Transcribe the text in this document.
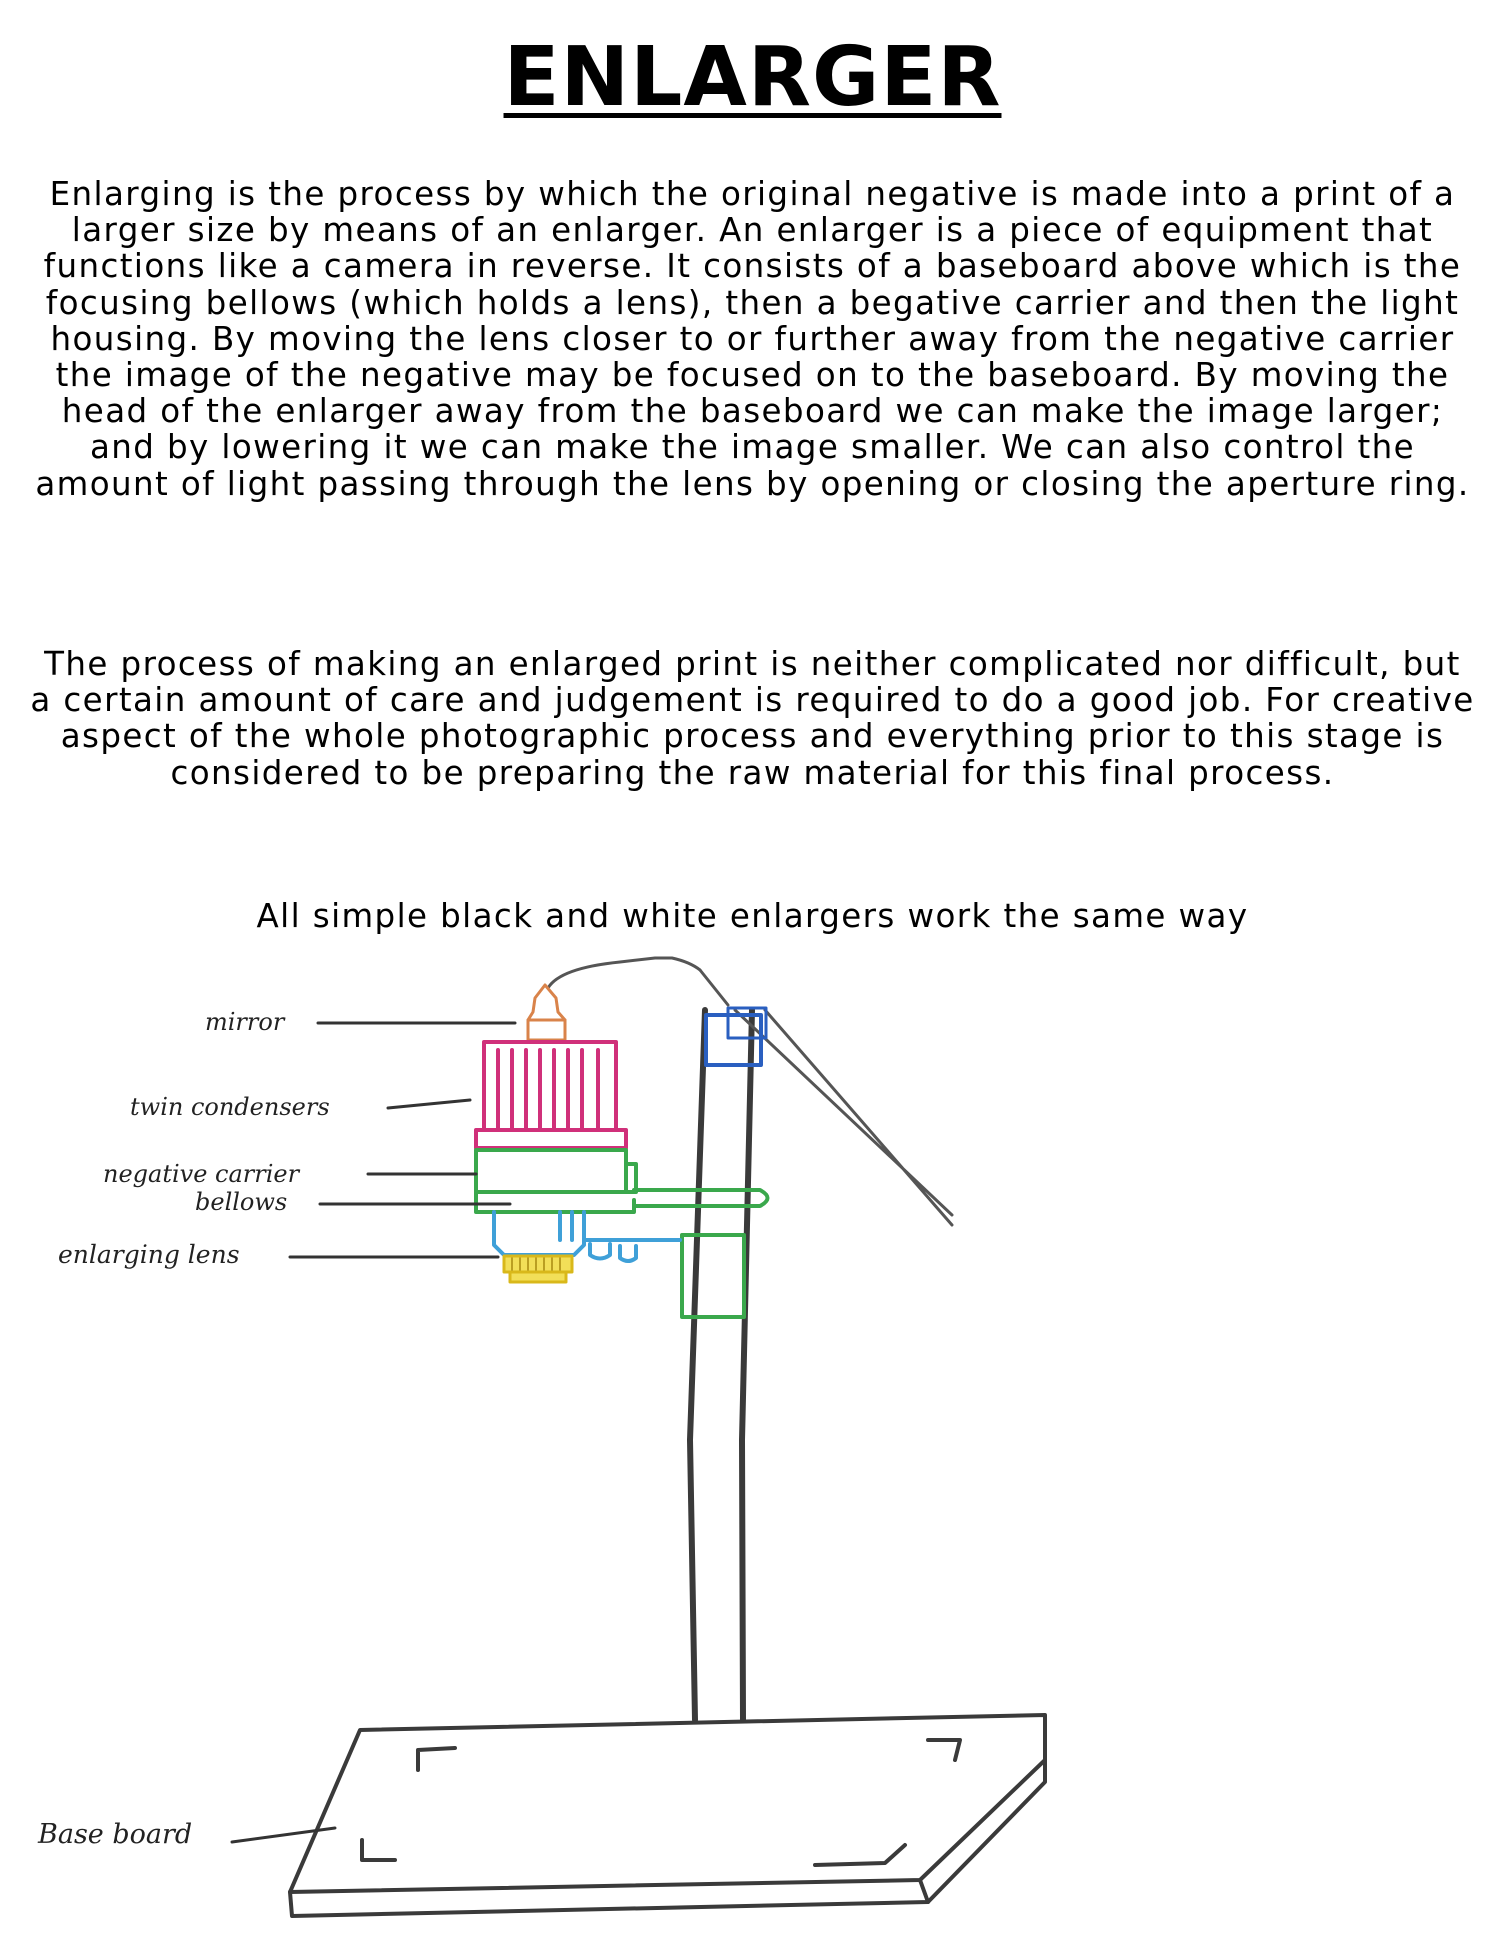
ENLARGER

Enlarging is the process by which the original negative is made into a print of a larger size by means of an enlarger. An enlarger is a piece of equipment that functions like a camera in reverse. It consists of a baseboard above which is the focusing bellows (which holds a lens), then a begative carrier and then the light housing. By moving the lens closer to or further away from the negative carrier the image of the negative may be focused on to the baseboard. By moving the head of the enlarger away from the baseboard we can make the image larger; and by lowering it we can make the image smaller. We can also control the amount of light passing through the lens by opening or closing the aperture ring.

The process of making an enlarged print is neither complicated nor difficult, but a certain amount of care and judgement is required to do a good job. For creative aspect of the whole photographic process and everything prior to this stage is considered to be preparing the raw material for this final process.

All simple black and white enlargers work the same way

mirror
twin condensers
negative carrier
bellows
enlarging lens
Base board
